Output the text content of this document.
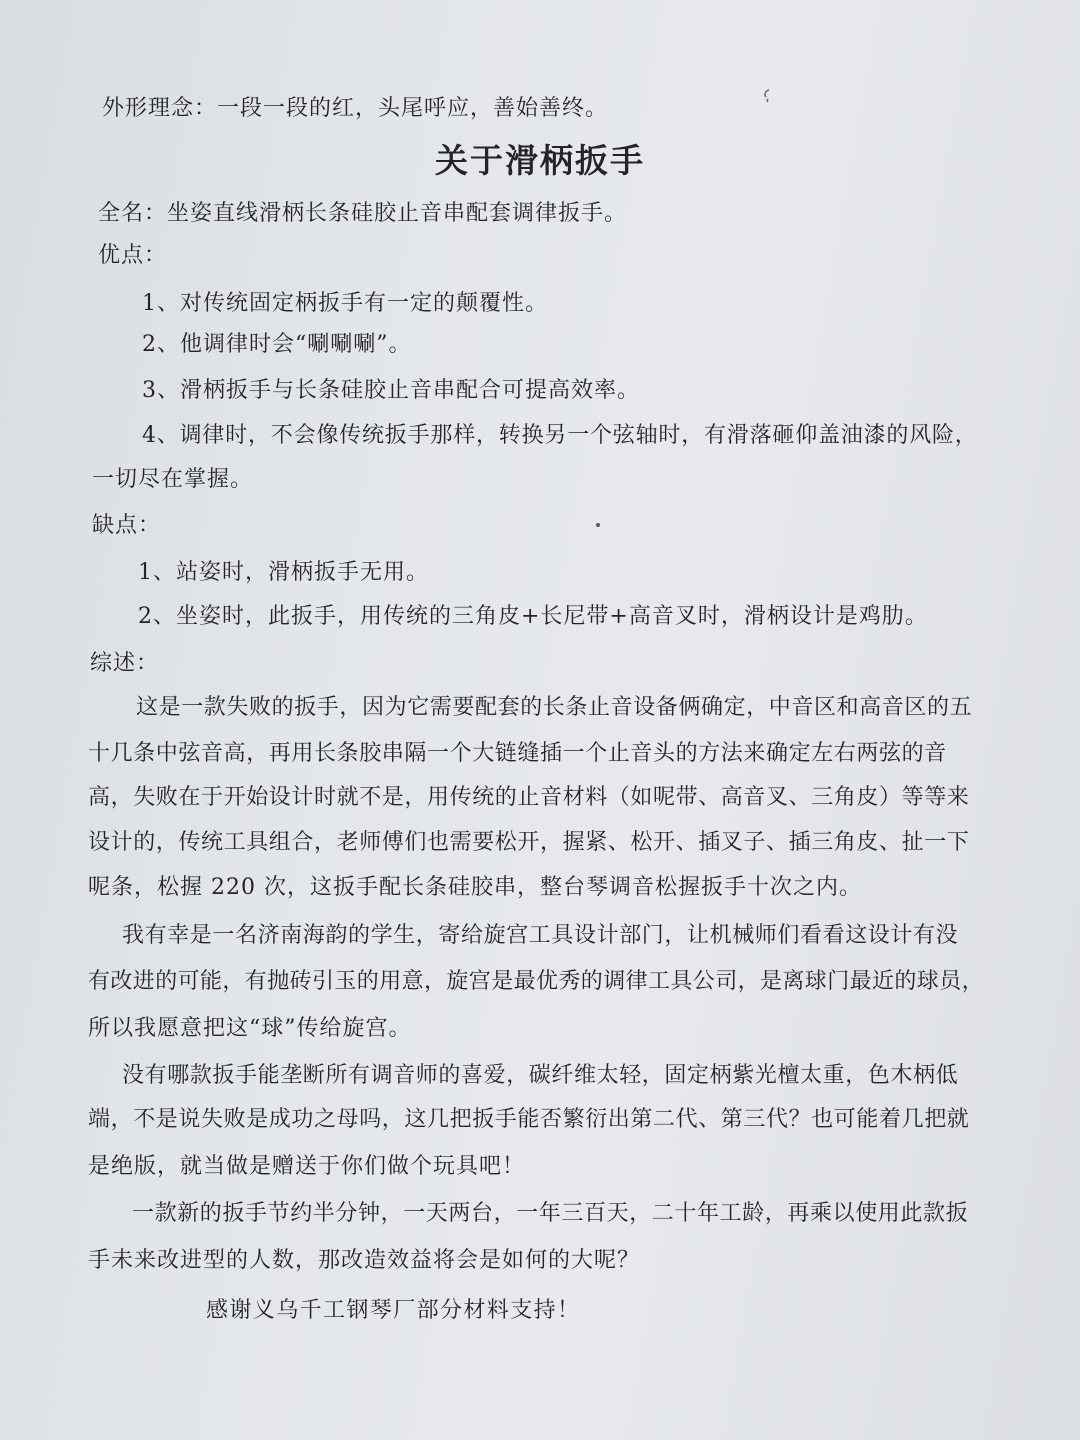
外形理念：一段一段的红，头尾呼应，善始善终。
关于滑柄扳手
全名：坐姿直线滑柄长条硅胶止音串配套调律扳手。
优点：
1、对传统固定柄扳手有一定的颠覆性。
2、他调律时会“唰唰唰”。
3、滑柄扳手与长条硅胶止音串配合可提高效率。
4、调律时，不会像传统扳手那样，转换另一个弦轴时，有滑落砸仰盖油漆的风险，
一切尽在掌握。
缺点：
1、站姿时，滑柄扳手无用。
2、坐姿时，此扳手，用传统的三角皮+长尼带+高音叉时，滑柄设计是鸡肋。
综述：
这是一款失败的扳手，因为它需要配套的长条止音设备俩确定，中音区和高音区的五
十几条中弦音高，再用长条胶串隔一个大链缝插一个止音头的方法来确定左右两弦的音
高，失败在于开始设计时就不是，用传统的止音材料（如呢带、高音叉、三角皮）等等来
设计的，传统工具组合，老师傅们也需要松开，握紧、松开、插叉子、插三角皮、扯一下
呢条，松握 220 次，这扳手配长条硅胶串，整台琴调音松握扳手十次之内。
我有幸是一名济南海韵的学生，寄给旋宫工具设计部门，让机械师们看看这设计有没
有改进的可能，有抛砖引玉的用意，旋宫是最优秀的调律工具公司，是离球门最近的球员，
所以我愿意把这“球”传给旋宫。
没有哪款扳手能垄断所有调音师的喜爱，碳纤维太轻，固定柄紫光檀太重，色木柄低
端，不是说失败是成功之母吗，这几把扳手能否繁衍出第二代、第三代？也可能着几把就
是绝版，就当做是赠送于你们做个玩具吧！
一款新的扳手节约半分钟，一天两台，一年三百天，二十年工龄，再乘以使用此款扳
手未来改进型的人数，那改造效益将会是如何的大呢？
感谢义乌千工钢琴厂部分材料支持！
